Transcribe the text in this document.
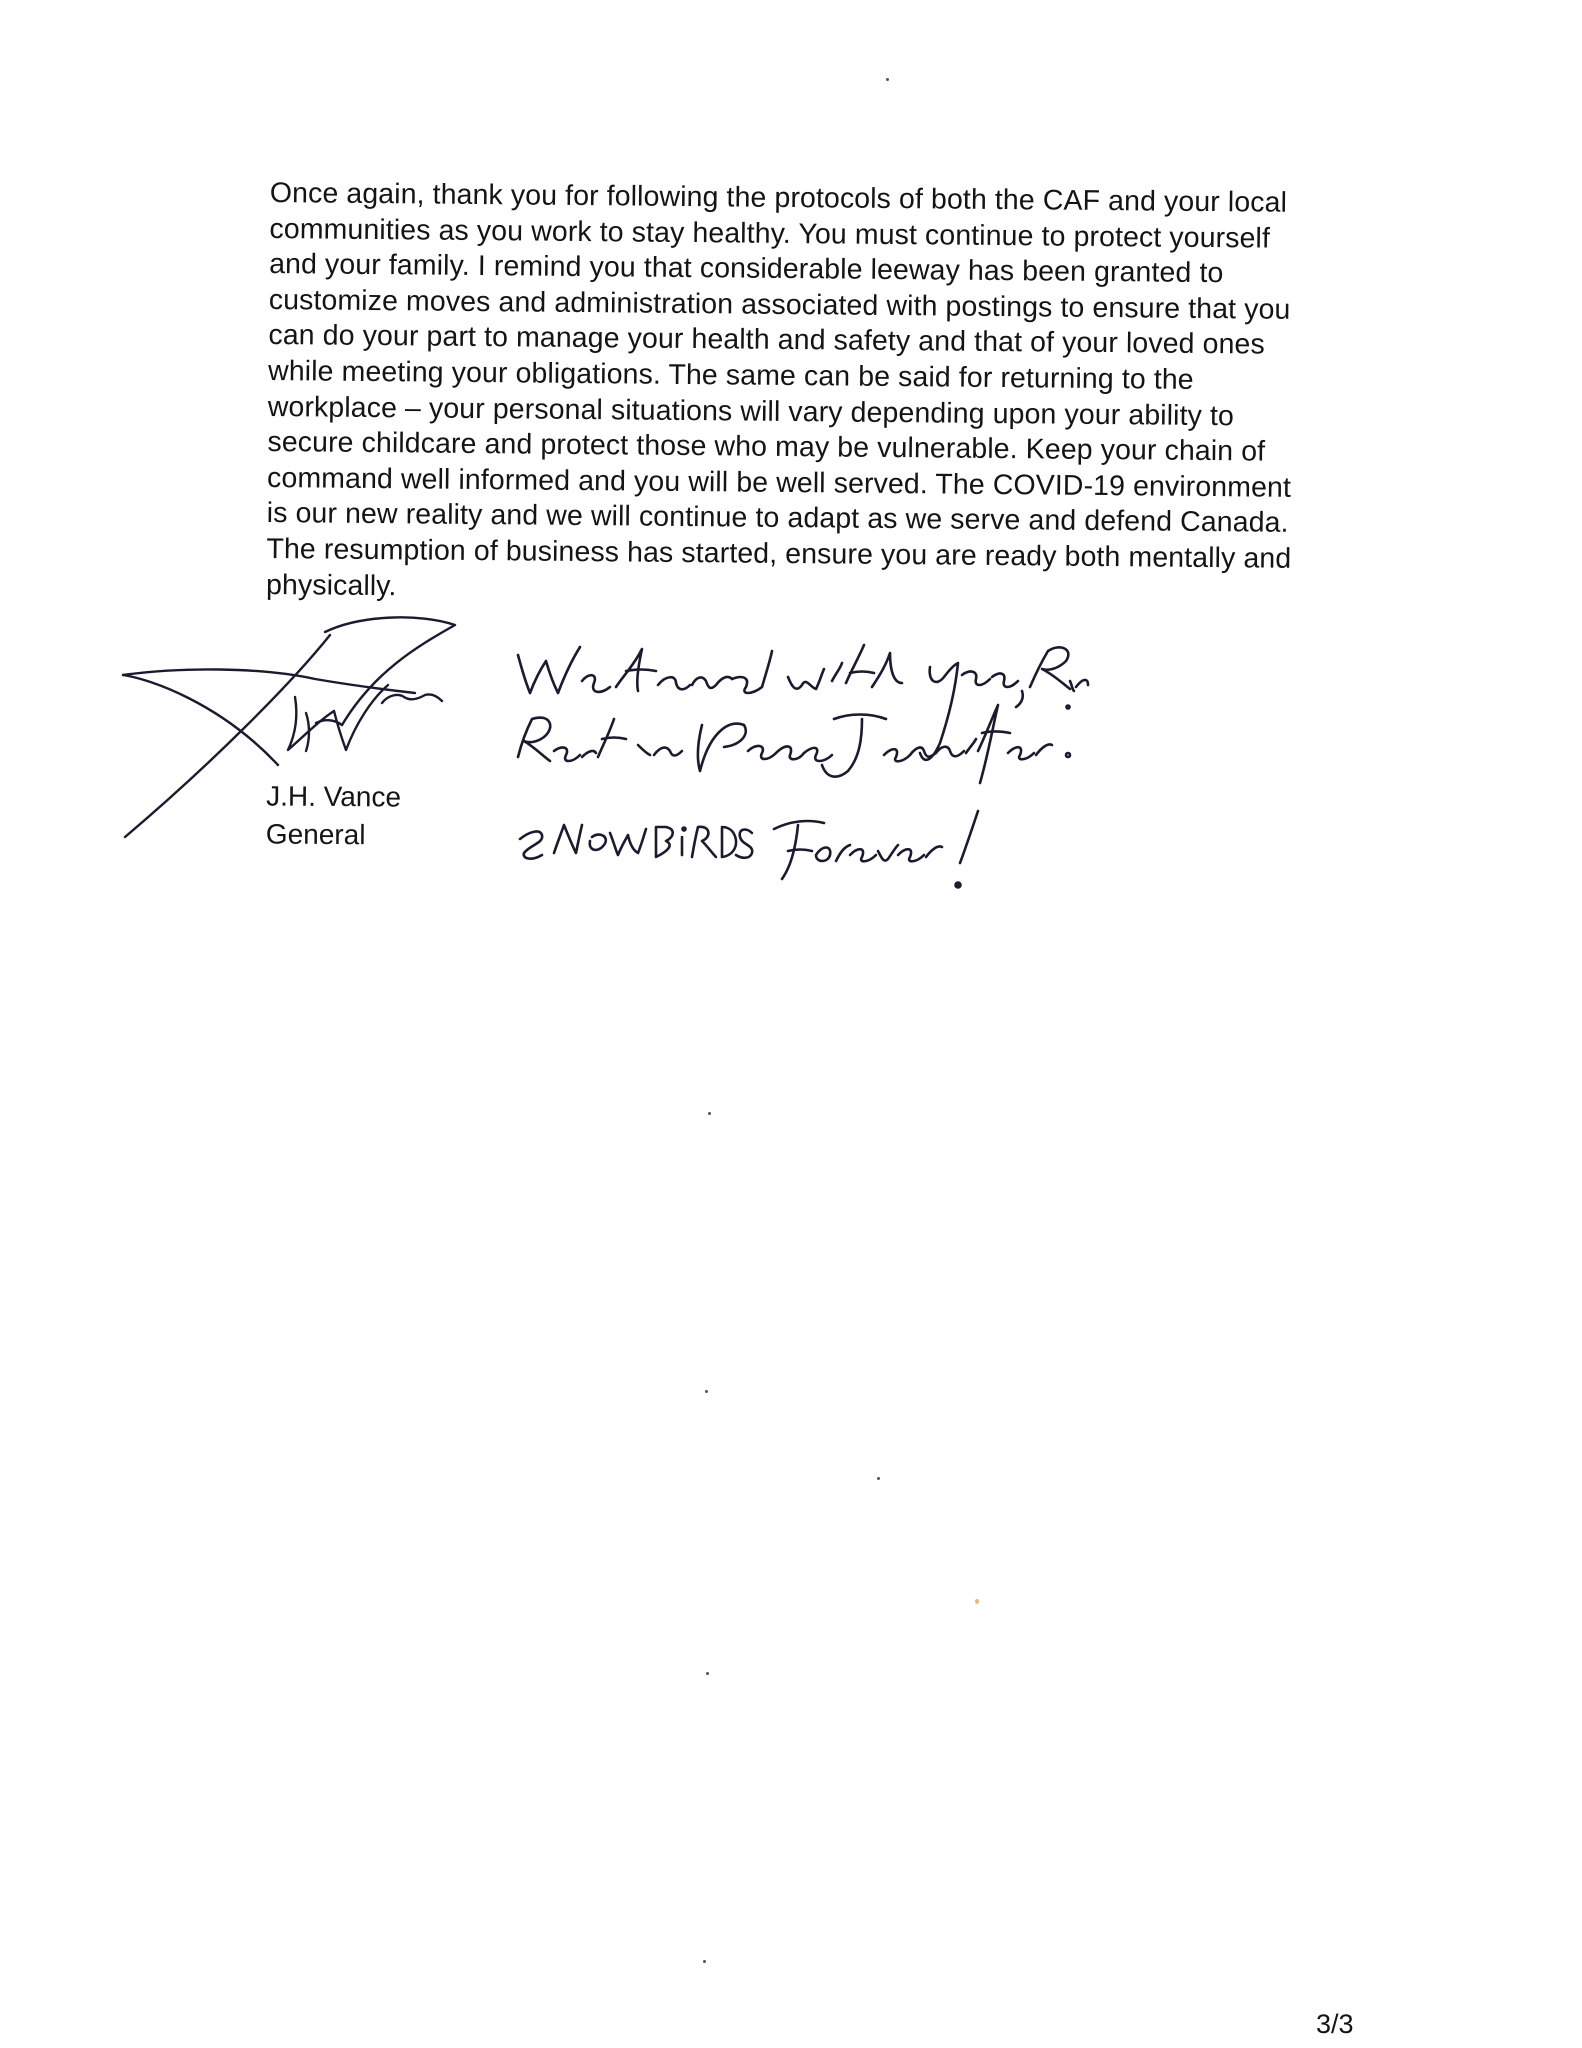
Once again, thank you for following the protocols of both the CAF and your local
communities as you work to stay healthy. You must continue to protect yourself
and your family. I remind you that considerable leeway has been granted to
customize moves and administration associated with postings to ensure that you
can do your part to manage your health and safety and that of your loved ones
while meeting your obligations. The same can be said for returning to the
workplace – your personal situations will vary depending upon your ability to
secure childcare and protect those who may be vulnerable. Keep your chain of
command well informed and you will be well served. The COVID-19 environment
is our new reality and we will continue to adapt as we serve and defend Canada.
The resumption of business has started, ensure you are ready both mentally and
physically.
J.H. Vance
General
3/3
